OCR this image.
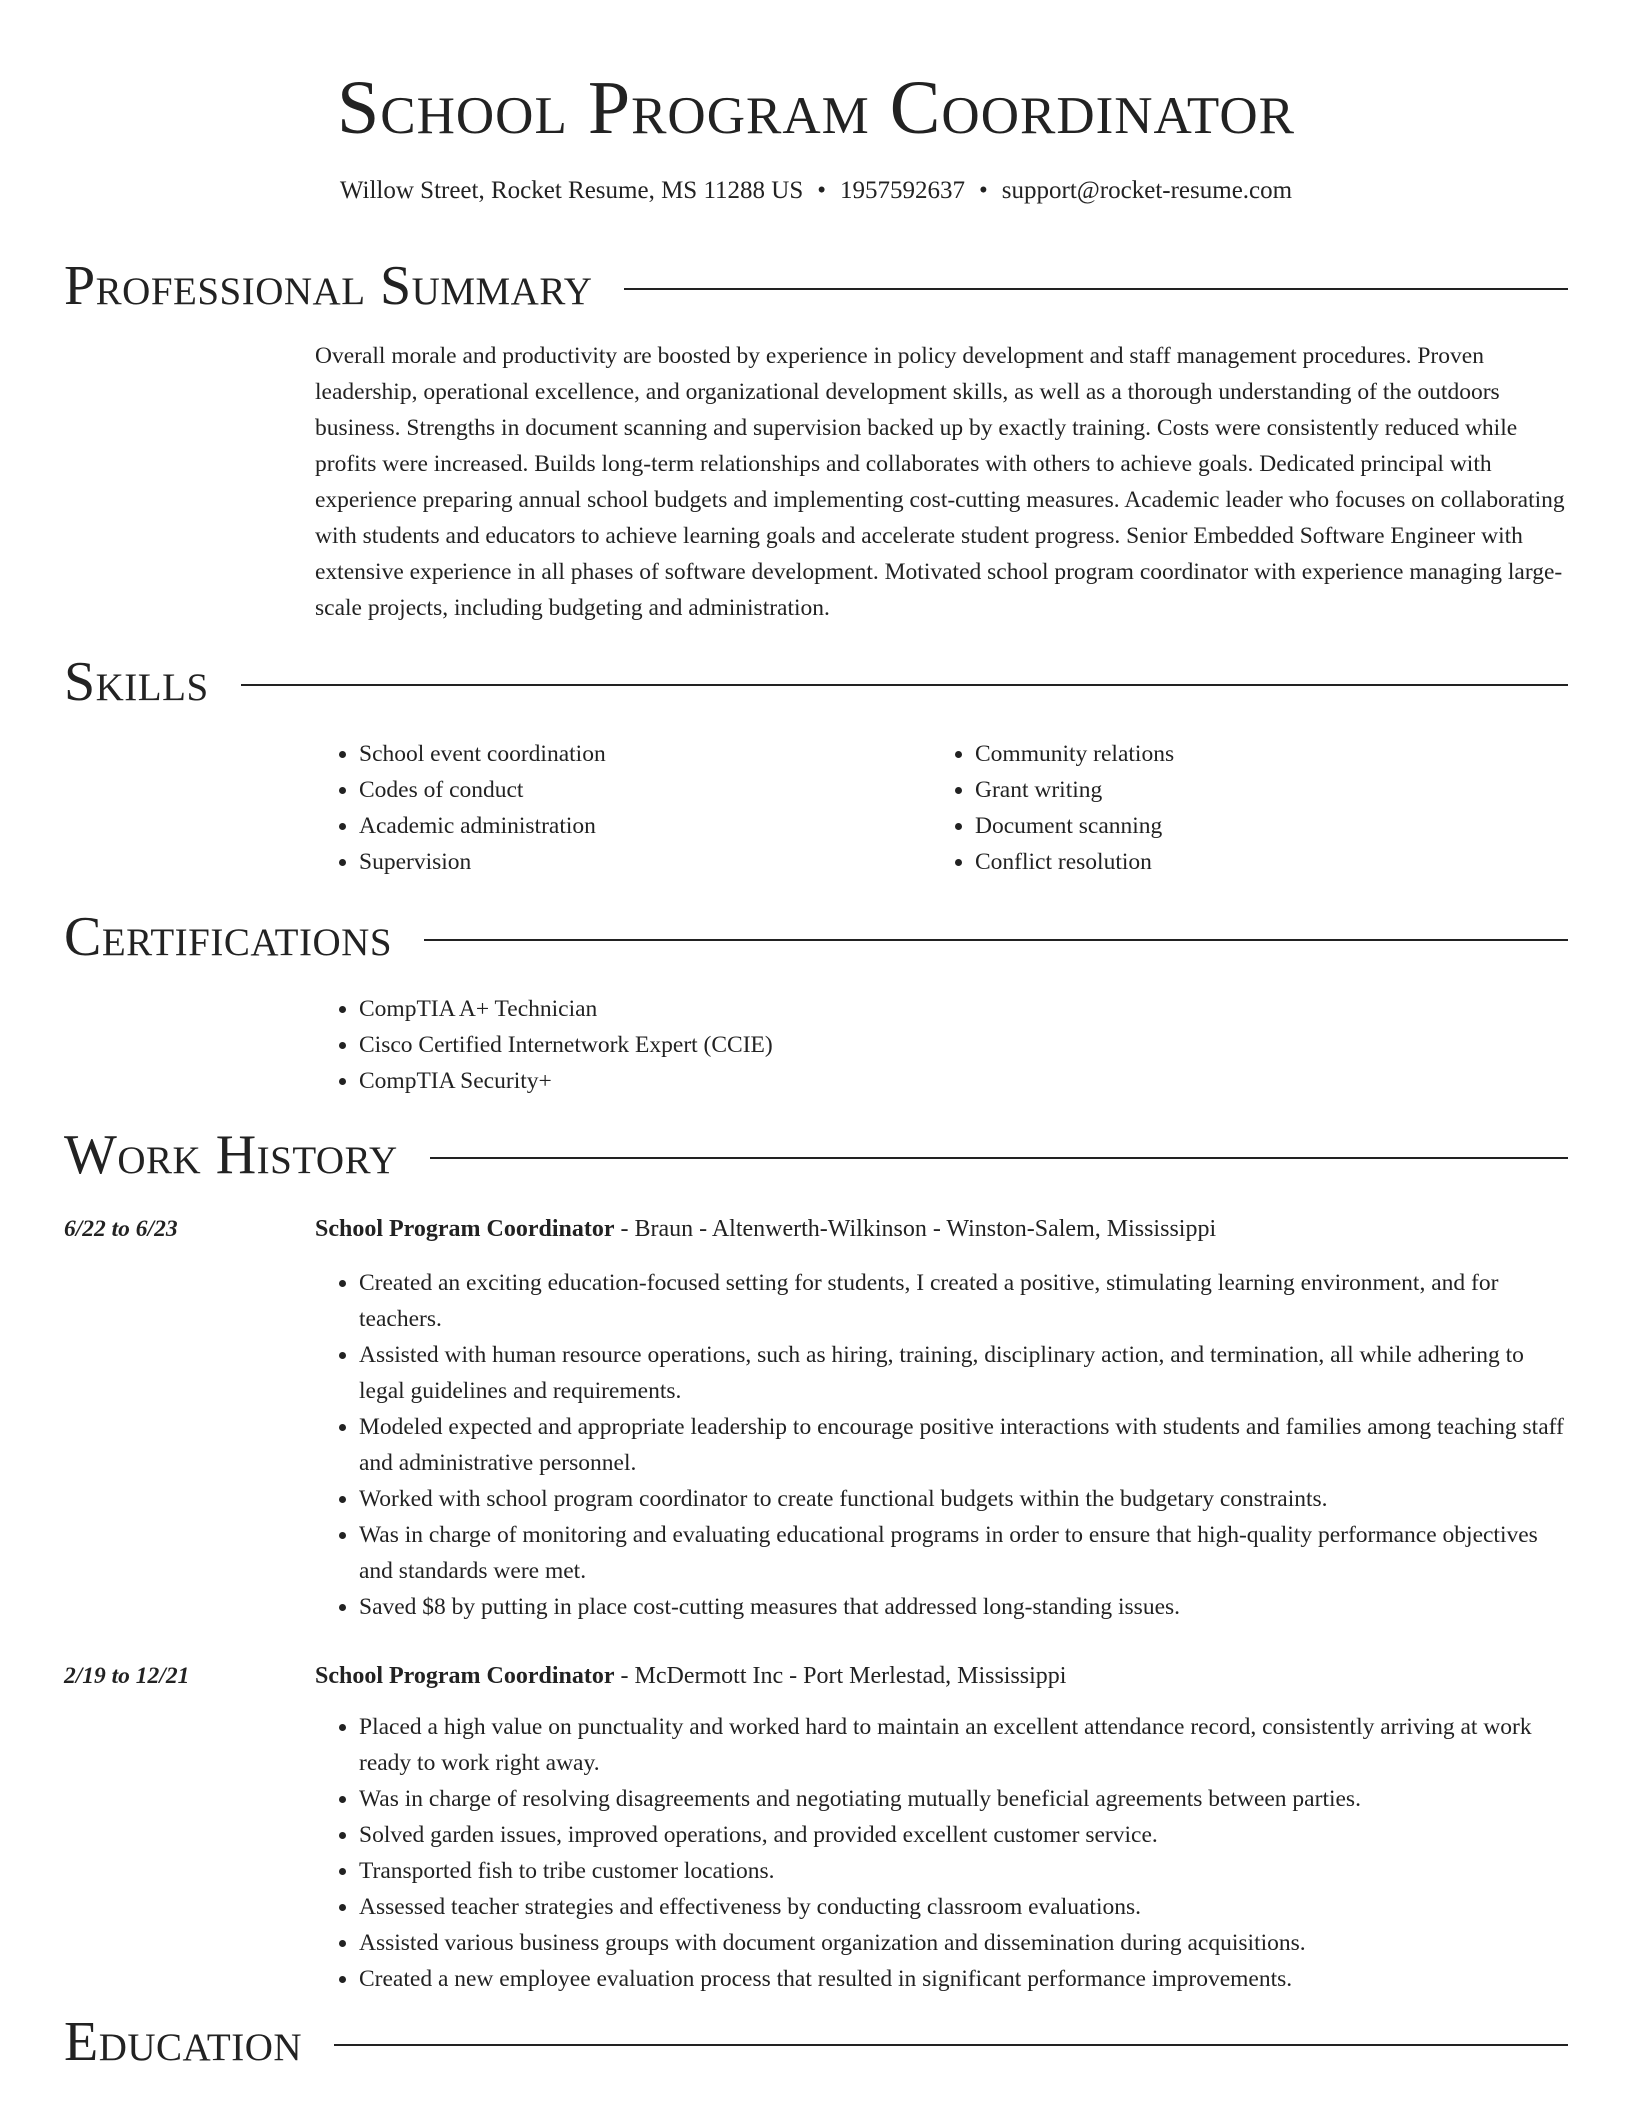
School Program Coordinator
Willow Street, Rocket Resume, MS 11288 US • 1957592637 • support@rocket-resume.com
Professional Summary

Overall morale and productivity are boosted by experience in policy development and staff management procedures. Proven leadership, operational excellence, and organizational development skills, as well as a thorough understanding of the outdoors business. Strengths in document scanning and supervision backed up by exactly training. Costs were consistently reduced while profits were increased. Builds long-term relationships and collaborates with others to achieve goals. Dedicated principal with experience preparing annual school budgets and implementing cost-cutting measures. Academic leader who focuses on collaborating with students and educators to achieve learning goals and accelerate student progress. Senior Embedded Software Engineer with extensive experience in all phases of software development. Motivated school program coordinator with experience managing large-scale projects, including budgeting and administration.

Skills
• School event coordination
• Codes of conduct
• Academic administration
• Supervision
• Community relations
• Grant writing
• Document scanning
• Conflict resolution
Certifications
• CompTIA A+ Technician
• Cisco Certified Internetwork Expert (CCIE)
• CompTIA Security+
Work History
6/22 to 6/23	School Program Coordinator - Braun - Altenwerth-Wilkinson - Winston-Salem, Mississippi
• Created an exciting education-focused setting for students, I created a positive, stimulating learning environment, and for teachers.
• Assisted with human resource operations, such as hiring, training, disciplinary action, and termination, all while adhering to legal guidelines and requirements.
• Modeled expected and appropriate leadership to encourage positive interactions with students and families among teaching staff and administrative personnel.
• Worked with school program coordinator to create functional budgets within the budgetary constraints.
• Was in charge of monitoring and evaluating educational programs in order to ensure that high-quality performance objectives and standards were met.
• Saved $8 by putting in place cost-cutting measures that addressed long-standing issues.
2/19 to 12/21	School Program Coordinator - McDermott Inc - Port Merlestad, Mississippi
• Placed a high value on punctuality and worked hard to maintain an excellent attendance record, consistently arriving at work ready to work right away.
• Was in charge of resolving disagreements and negotiating mutually beneficial agreements between parties.
• Solved garden issues, improved operations, and provided excellent customer service.
• Transported fish to tribe customer locations.
• Assessed teacher strategies and effectiveness by conducting classroom evaluations.
• Assisted various business groups with document organization and dissemination during acquisitions.
• Created a new employee evaluation process that resulted in significant performance improvements.
Education
